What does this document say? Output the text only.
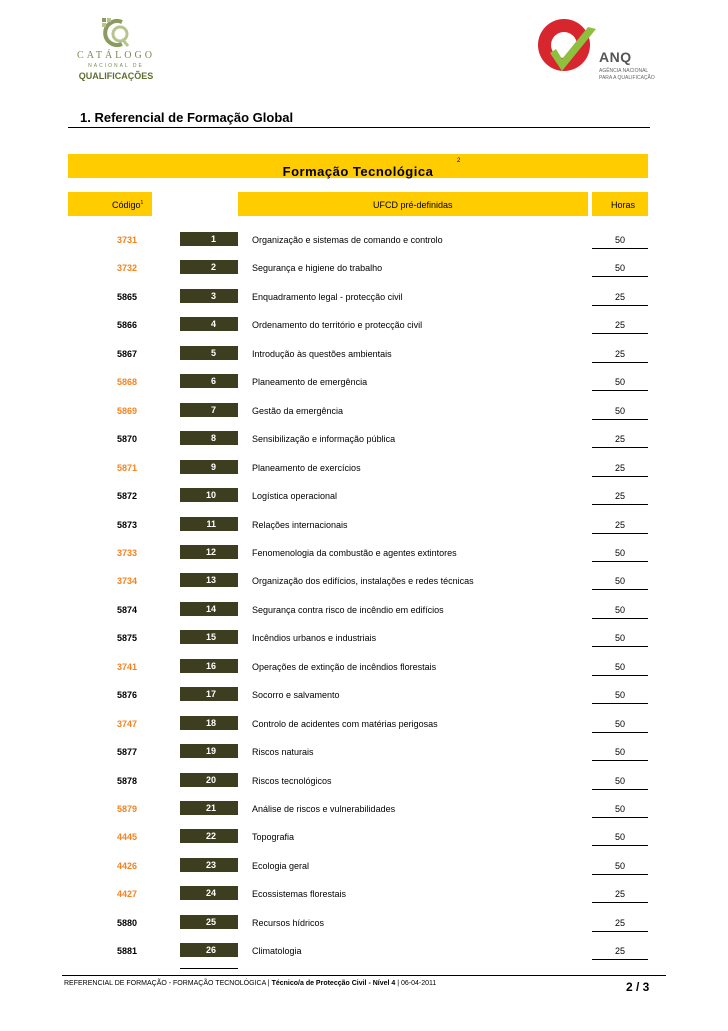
CATÁLOGO
NACIONAL DE
QUALIFICAÇÕES
ANQ
AGÊNCIA NACIONAL
PARA A QUALIFICAÇÃO
1. Referencial de Formação Global
Formação Tecnológica
2
Código$^1$	UFCD pré-definidas	Horas
3731	1	Organização e sistemas de comando e controlo	50
3732	2	Segurança e higiene do trabalho	50
5865	3	Enquadramento legal - protecção civil	25
5866	4	Ordenamento do território e protecção civil	25
5867	5	Introdução às questões ambientais	25
5868	6	Planeamento de emergência	50
5869	7	Gestão da emergência	50
5870	8	Sensibilização e informação pública	25
5871	9	Planeamento de exercícios	25
5872	10	Logística operacional	25
5873	11	Relações internacionais	25
3733	12	Fenomenologia da combustão e agentes extintores	50
3734	13	Organização dos edifícios, instalações e redes técnicas	50
5874	14	Segurança contra risco de incêndio em edifícios	50
5875	15	Incêndios urbanos e industriais	50
3741	16	Operações de extinção de incêndios florestais	50
5876	17	Socorro e salvamento	50
3747	18	Controlo de acidentes com matérias perigosas	50
5877	19	Riscos naturais	50
5878	20	Riscos tecnológicos	50
5879	21	Análise de riscos e vulnerabilidades	50
4445	22	Topografia	50
4426	23	Ecologia geral	50
4427	24	Ecossistemas florestais	25
5880	25	Recursos hídricos	25
5881	26	Climatologia	25
REFERENCIAL DE FORMAÇÃO - FORMAÇÃO TECNOLÓGICA | Técnico/a de Protecção Civil - Nível 4 | 06-04-2011	2 / 3
